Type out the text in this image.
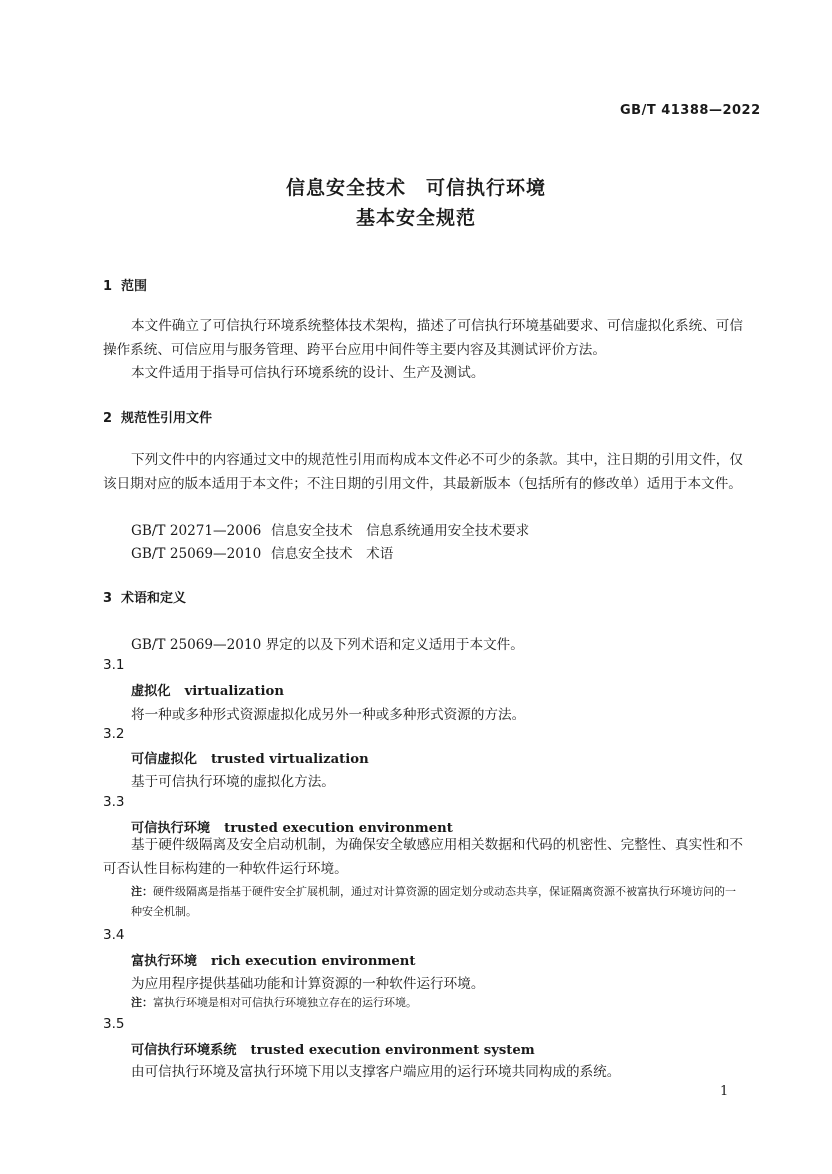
GB/T 41388—2022
信息安全技术　可信执行环境
基本安全规范
1 范围
本文件确立了可信执行环境系统整体技术架构，描述了可信执行环境基础要求、可信虚拟化系统、可信操作系统、可信应用与服务管理、跨平台应用中间件等主要内容及其测试评价方法。
本文件适用于指导可信执行环境系统的设计、生产及测试。
2 规范性引用文件
下列文件中的内容通过文中的规范性引用而构成本文件必不可少的条款。其中，注日期的引用文件，仅该日期对应的版本适用于本文件；不注日期的引用文件，其最新版本（包括所有的修改单）适用于本文件。
GB/T 20271—2006 信息安全技术　信息系统通用安全技术要求
GB/T 25069—2010 信息安全技术　术语
3 术语和定义
GB/T 25069—2010 界定的以及下列术语和定义适用于本文件。
3.1
虚拟化 virtualization
将一种或多种形式资源虚拟化成另外一种或多种形式资源的方法。
3.2
可信虚拟化 trusted virtualization
基于可信执行环境的虚拟化方法。
3.3
可信执行环境 trusted execution environment
基于硬件级隔离及安全启动机制，为确保安全敏感应用相关数据和代码的机密性、完整性、真实性和不可否认性目标构建的一种软件运行环境。
注：硬件级隔离是指基于硬件安全扩展机制，通过对计算资源的固定划分或动态共享，保证隔离资源不被富执行环境访问的一种安全机制。
3.4
富执行环境 rich execution environment
为应用程序提供基础功能和计算资源的一种软件运行环境。
注：富执行环境是相对可信执行环境独立存在的运行环境。
3.5
可信执行环境系统 trusted execution environment system
由可信执行环境及富执行环境下用以支撑客户端应用的运行环境共同构成的系统。
1
